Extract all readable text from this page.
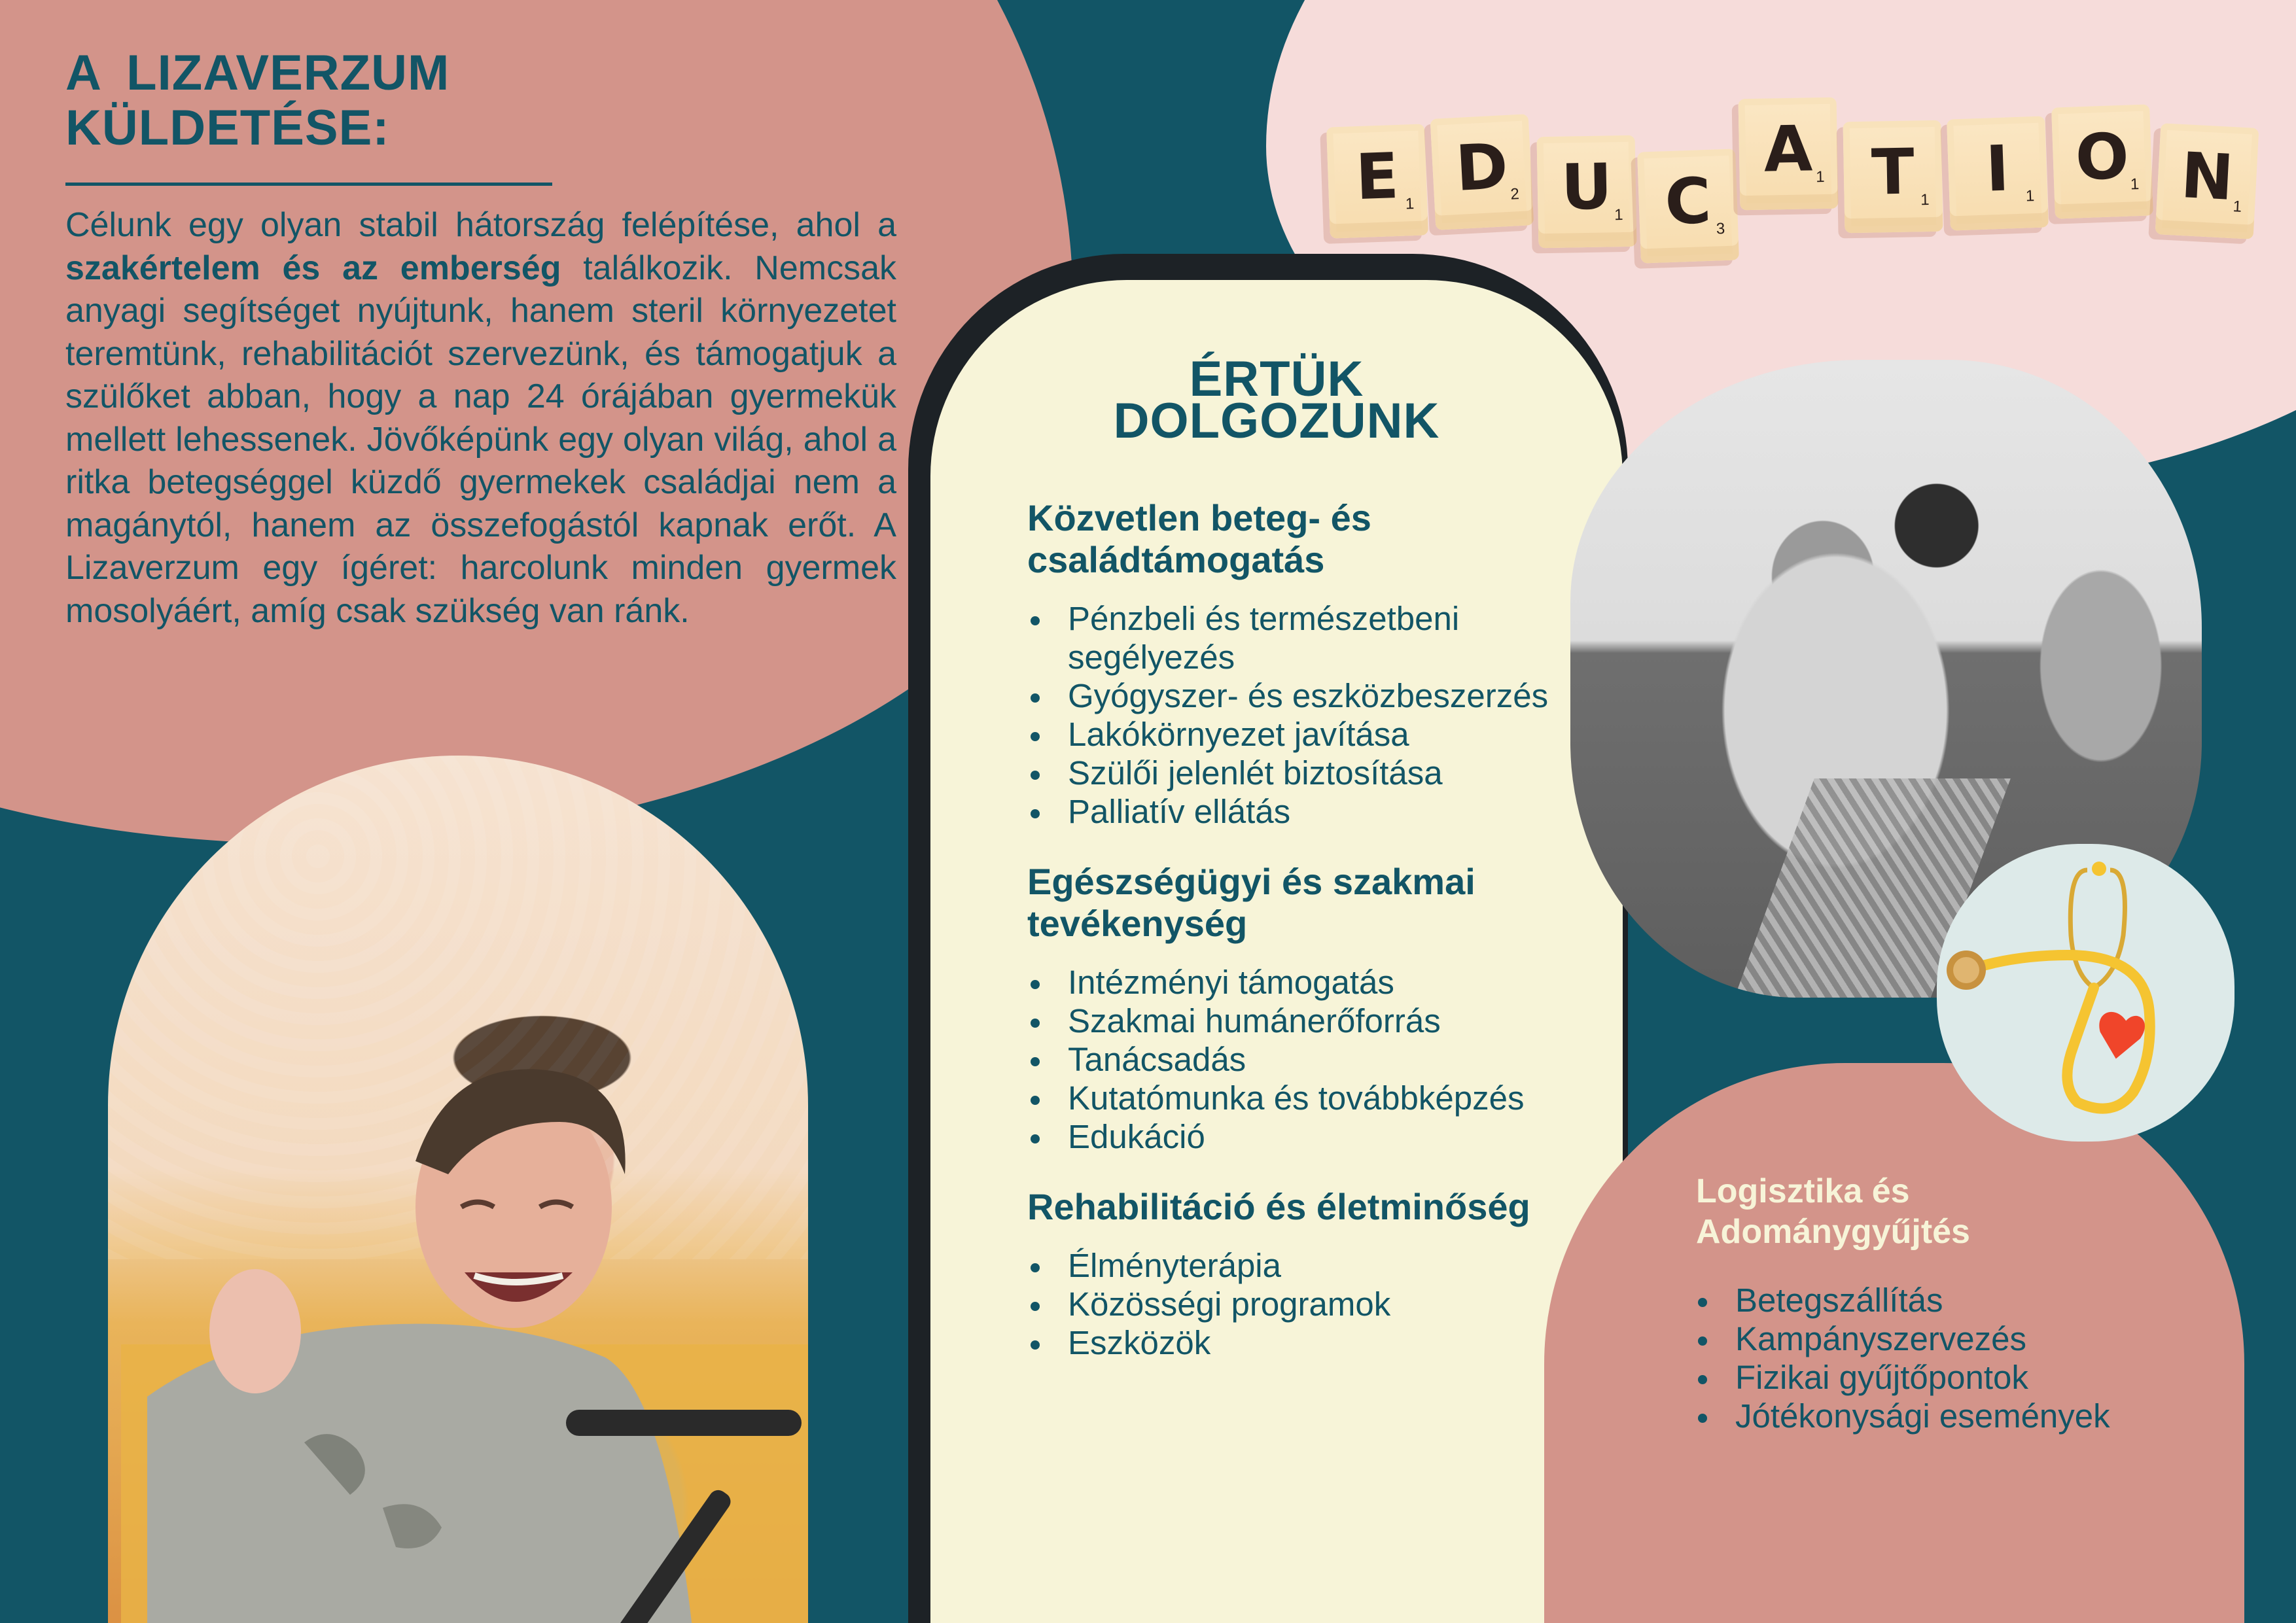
A LIZAVERZUM KÜLDETÉSE:

Célunk egy olyan stabil hátország felépítése, ahol a szakértelem és az emberség találkozik. Nemcsak anyagi segítséget nyújtunk, hanem steril környezetet teremtünk, rehabilitációt szervezünk, és támogatjuk a szülőket abban, hogy a nap 24 órájában gyermekük mellett lehessenek. Jövőképünk egy olyan világ, ahol a ritka betegséggel küzdő gyermekek családjai nem a magánytól, hanem az összefogástól kapnak erőt. A Lizaverzum egy ígéret: harcolunk minden gyermek mosolyáért, amíg csak szükség van ránk.

ÉRTÜK
DOLGOZUNK
Közvetlen beteg- és családtámogatás
Pénzbeli és természetbeni segélyezés
Gyógyszer- és eszközbeszerzés
Lakókörnyezet javítása
Szülői jelenlét biztosítása
Palliatív ellátás
Egészségügyi és szakmai tevékenység
Intézményi támogatás
Szakmai humánerőforrás
Tanácsadás
Kutatómunka és továbbképzés
Edukáció
Rehabilitáció és életminőség
Élményterápia
Közösségi programok
Eszközök
E 1 D 2 U 1 C 3
A 1 T 1 I 1
O 1 N
1
Logisztika és Adománygyűjtés
Betegszállítás
Kampányszervezés
Fizikai gyűjtőpontok
Jótékonysági események
